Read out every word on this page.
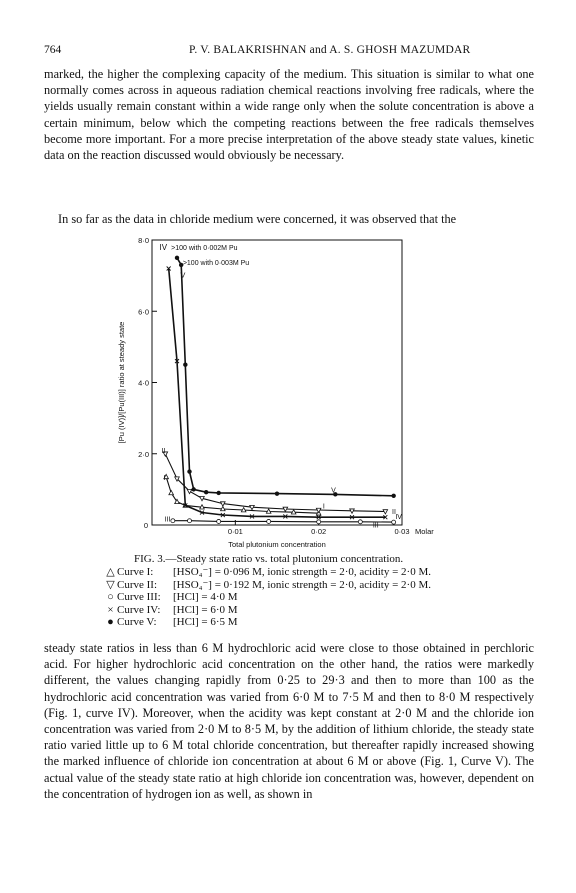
764	P. V. BALAKRISHNAN and A. S. GHOSH MAZUMDAR
marked, the higher the complexing capacity of the medium. This situation is similar to what one normally comes across in aqueous radiation chemical reactions involving free radicals, where the yields usually remain constant within a wide range only when the solute concentration is above a certain minimum, below which the competing reactions between the free radicals themselves become more important. For a more precise interpretation of the above steady state values, kinetic data on the reaction discussed would obviously be necessary.
In so far as the data in chloride medium were concerned, it was observed that the
2·0
4·0
6·0
8·0
0
0·01	0·02	0·03 Molar
Total plutonium concentration
[Pu (IV)]/[Pu(III)] ratio at steady state
I
II
III
IV
V
I
II
III
IV >100 with 0·002M Pu
>100 with 0·003M Pu
V
FIG. 3.—Steady state ratio vs. total plutonium concentration.
△ Curve I:	[HSO₄⁻] = 0·096 M, ionic strength = 2·0, acidity = 2·0 M.
▽ Curve II:	[HSO₄⁻] = 0·192 M, ionic strength = 2·0, acidity = 2·0 M.
○ Curve III:	[HCl] = 4·0 M
× Curve IV:	[HCl] = 6·0 M
● Curve V:	[HCl] = 6·5 M
steady state ratios in less than 6 M hydrochloric acid were close to those obtained in perchloric acid. For higher hydrochloric acid concentration on the other hand, the ratios were markedly different, the values changing rapidly from 0·25 to 29·3 and then to more than 100 as the hydrochloric acid concentration was varied from 6·0 M to 7·5 M and then to 8·0 M respectively (Fig. 1, curve IV). Moreover, when the acidity was kept constant at 2·0 M and the chloride ion concentration was varied from 2·0 M to 8·5 M, by the addition of lithium chloride, the steady state ratio varied little up to 6 M total chloride concentration, but thereafter rapidly increased showing the marked influence of chloride ion concentration at about 6 M or above (Fig. 1, Curve V). The actual value of the steady state ratio at high chloride ion concentration was, however, dependent on the concentration of hydrogen ion as well, as shown in
